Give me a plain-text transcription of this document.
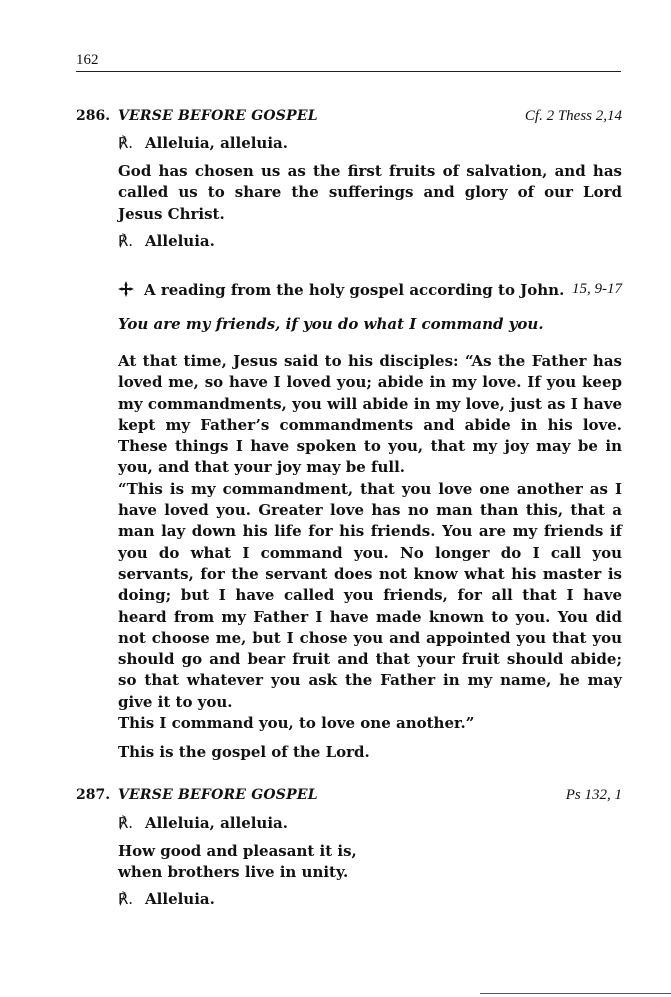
162
286. VERSE BEFORE GOSPEL	Cf. 2 Thess 2,14
℟. Alleluia, alleluia.

God has chosen us as the first fruits of salvation, and has called us to share the sufferings and glory of our Lord Jesus Christ.

℟. Alleluia.
A reading from the holy gospel according to John. 15, 9-17
You are my friends, if you do what I command you.

At that time, Jesus said to his disciples: “As the Father has loved me, so have I loved you; abide in my love. If you keep my commandments, you will abide in my love, just as I have kept my Father’s commandments and abide in his love. These things I have spoken to you, that my joy may be in you, and that your joy may be full.

“This is my commandment, that you love one another as I have loved you. Greater love has no man than this, that a man lay down his life for his friends. You are my friends if you do what I command you. No longer do I call you servants, for the servant does not know what his master is doing; but I have called you friends, for all that I have heard from my Father I have made known to you. You did not choose me, but I chose you and appointed you that you should go and bear fruit and that your fruit should abide; so that whatever you ask the Father in my name, he may give it to you.

This I command you, to love one another.”

This is the gospel of the Lord.

287. VERSE BEFORE GOSPEL	Ps 132, 1
℟. Alleluia, alleluia.

How good and pleasant it is,

when brothers live in unity.

℟. Alleluia.
